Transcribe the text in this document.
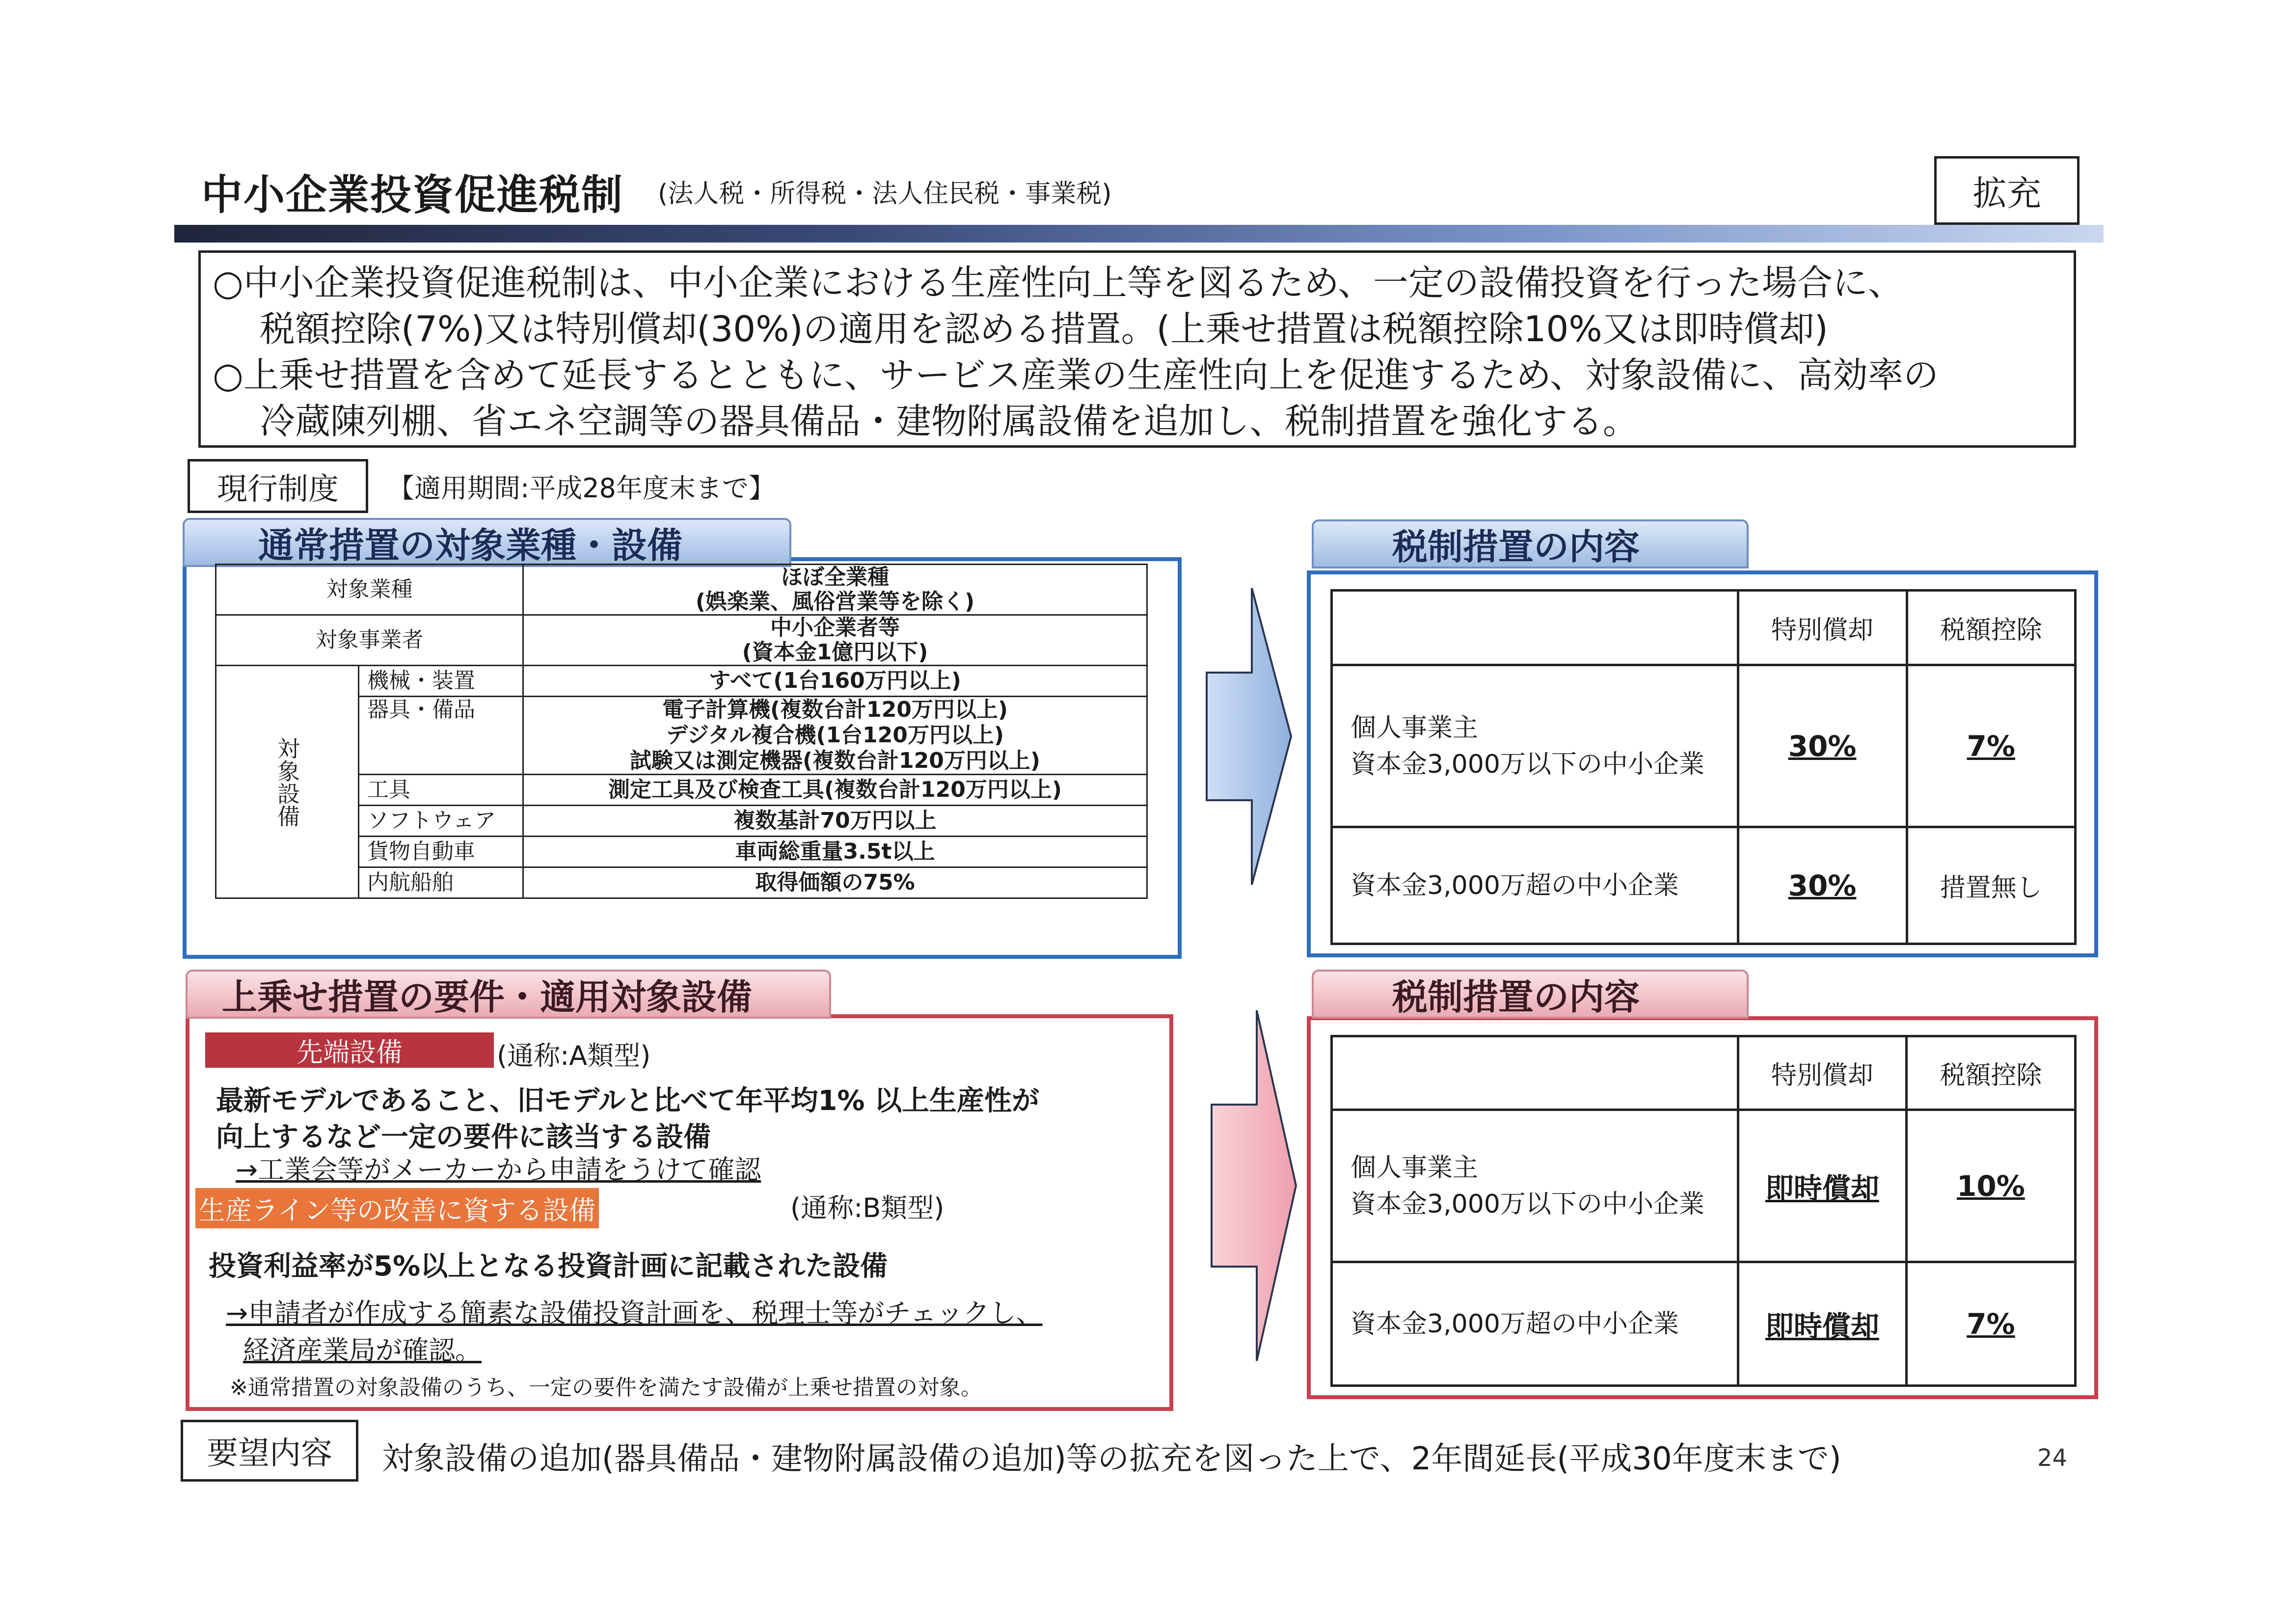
中小企業投資促進税制 (法人税・所得税・法人住民税・事業税)	拡充
○中小企業投資促進税制は、中小企業における生産性向上等を図るため、一定の設備投資を行った場合に、
税額控除(7%)又は特別償却(30%)の適用を認める措置。(上乗せ措置は税額控除10%又は即時償却)
○上乗せ措置を含めて延長するとともに、サービス産業の生産性向上を促進するため、対象設備に、高効率の
冷蔵陳列棚、省エネ空調等の器具備品・建物附属設備を追加し、税制措置を強化する。
現行制度	【適用期間:平成28年度末まで】
通常措置の対象業種・設備
対象業種		ほぼ全業種
(娯楽業、風俗営業等を除く)

対象事業者		中小企業者等
(資本金1億円以下)

対象設備	機械・装置	すべて(1台160万円以上)
	器具・備品	電子計算機(複数台計120万円以上)
デジタル複合機(1台120万円以上)
試験又は測定機器(複数台計120万円以上)

	工具	測定工具及び検査工具(複数台計120万円以上)
	ソフトウェア	複数基計70万円以上
	貨物自動車	車両総重量3.5t以上
	内航船舶	取得価額の75%
税制措置の内容
	特別償却	税額控除

個人事業主
資本金3,000万以下の中小企業	30%	7%
資本金3,000万超の中小企業	30%	措置無し
上乗せ措置の要件・適用対象設備
先端設備	(通称:A類型)
最新モデルであること、旧モデルと比べて年平均1% 以上生産性が
向上するなど一定の要件に該当する設備
→工業会等がメーカーから申請をうけて確認
生産ライン等の改善に資する設備	(通称:B類型)
投資利益率が5%以上となる投資計画に記載された設備
→申請者が作成する簡素な設備投資計画を、税理士等がチェックし、
経済産業局が確認。
※通常措置の対象設備のうち、一定の要件を満たす設備が上乗せ措置の対象。
税制措置の内容
	特別償却	税額控除

個人事業主
資本金3,000万以下の中小企業	即時償却	10%
資本金3,000万超の中小企業	即時償却	7%
要望内容	対象設備の追加(器具備品・建物附属設備の追加)等の拡充を図った上で、2年間延長(平成30年度末まで)	24
